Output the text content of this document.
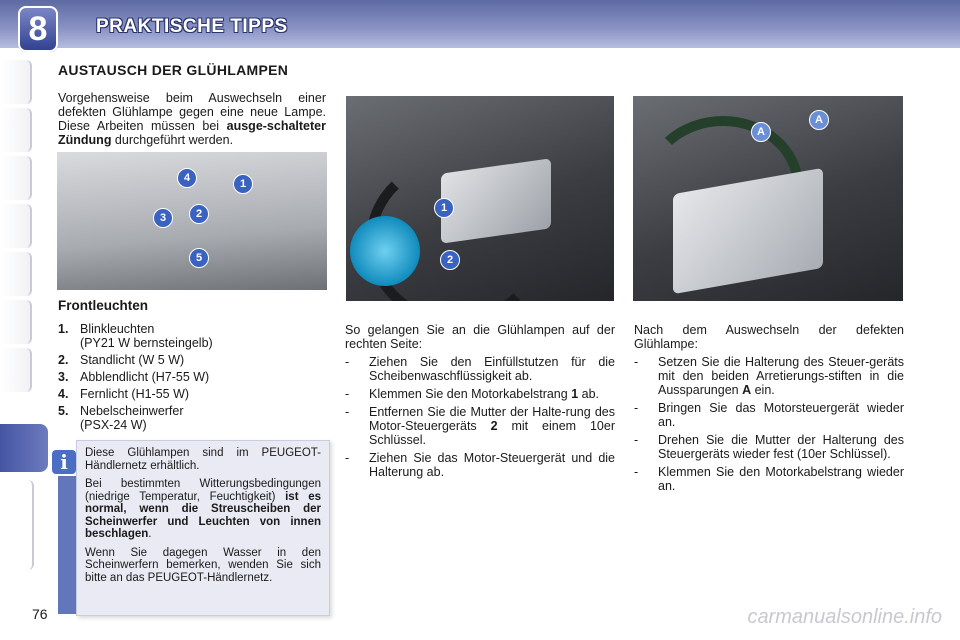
8	PRAKTISCHE TIPPS
76
AUSTAUSCH DER GLÜHLAMPEN
Vorgehensweise beim Auswechseln einer defekten Glühlampe gegen eine neue Lampe. Diese Arbeiten müssen bei ausge-schalteter Zündung durchgeführt werden.
4	1
3	2
5
1
2
A
A
Frontleuchten
1. Blinkleuchten
(PY21 W bernsteingelb)
2. Standlicht (W 5 W)
3. Abblendlicht (H7-55 W)
4. Fernlicht (H1-55 W)
5. Nebelscheinwerfer
(PSX-24 W)
i	Diese Glühlampen sind im PEUGEOT-Händlernetz erhältlich.

Bei bestimmten Witterungsbedingungen (niedrige Temperatur, Feuchtigkeit) ist es normal, wenn die Streuscheiben der Scheinwerfer und Leuchten von innen beschlagen.

Wenn Sie dagegen Wasser in den Scheinwerfern bemerken, wenden Sie sich bitte an das PEUGEOT-Händlernetz.

So gelangen Sie an die Glühlampen auf der rechten Seite:

-	Ziehen Sie den Einfüllstutzen für die Scheibenwaschflüssigkeit ab.
-	Klemmen Sie den Motorkabelstrang 1 ab.
-	Entfernen Sie die Mutter der Halte-rung des Motor-Steuergeräts 2 mit einem 10er Schlüssel.
-	Ziehen Sie das Motor-Steuergerät und die Halterung ab.

Nach dem Auswechseln der defekten Glühlampe:

-	Setzen Sie die Halterung des Steuer-geräts mit den beiden Arretierungs-stiften in die Aussparungen A ein.
-	Bringen Sie das Motorsteuergerät wieder an.
-	Drehen Sie die Mutter der Halterung des Steuergeräts wieder fest (10er Schlüssel).
-	Klemmen Sie den Motorkabelstrang wieder an.
carmanualsonline.info
